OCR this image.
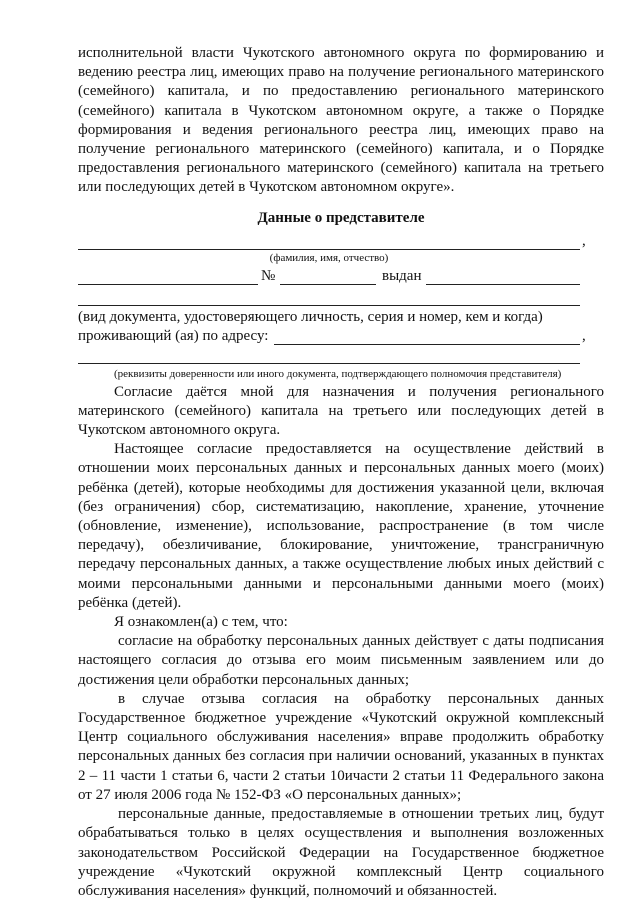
исполнительной власти Чукотского автономного округа по формированию и ведению реестра лиц, имеющих право на получение регионального материнского (семейного) капитала, и по предоставлению регионального материнского (семейного) капитала в Чукотском автономном округе, а также о Порядке формирования и ведения регионального реестра лиц, имеющих право на получение регионального материнского (семейного) капитала, и о Порядке предоставления регионального материнского (семейного) капитала на третьего или последующих детей в Чукотском автономном округе».

Данные о представителе
,
(фамилия, имя, отчество)
№	выдан
(вид документа, удостоверяющего личность, серия и номер, кем и когда)
проживающий (ая) по адресу:	,

(реквизиты доверенности или иного документа, подтверждающего полномочия представителя)

Согласие даётся мной для назначения и получения регионального материнского (семейного) капитала на третьего или последующих детей в Чукотском автономного округа.

Настоящее согласие предоставляется на осуществление действий в отношении моих персональных данных и персональных данных моего (моих) ребёнка (детей), которые необходимы для достижения указанной цели, включая (без ограничения) сбор, систематизацию, накопление, хранение, уточнение (обновление, изменение), использование, распространение (в том числе передачу), обезличивание, блокирование, уничтожение, трансграничную передачу персональных данных, а также осуществление любых иных действий с моими персональными данными и персональными данными моего (моих) ребёнка (детей).

Я ознакомлен(а) с тем, что:

согласие на обработку персональных данных действует с даты подписания настоящего согласия до отзыва его моим письменным заявлением или до достижения цели обработки персональных данных;

в случае отзыва согласия на обработку персональных данных Государственное бюджетное учреждение «Чукотский окружной комплексный Центр социального обслуживания населения» вправе продолжить обработку персональных данных без согласия при наличии оснований, указанных в пунктах 2 – 11 части 1 статьи 6, части 2 статьи 10ичасти 2 статьи 11 Федерального закона от 27 июля 2006 года № 152-ФЗ «О персональных данных»;

персональные данные, предоставляемые в отношении третьих лиц, будут обрабатываться только в целях осуществления и выполнения возложенных законодательством Российской Федерации на Государственное бюджетное учреждение «Чукотский окружной комплексный Центр социального обслуживания населения» функций, полномочий и обязанностей.
